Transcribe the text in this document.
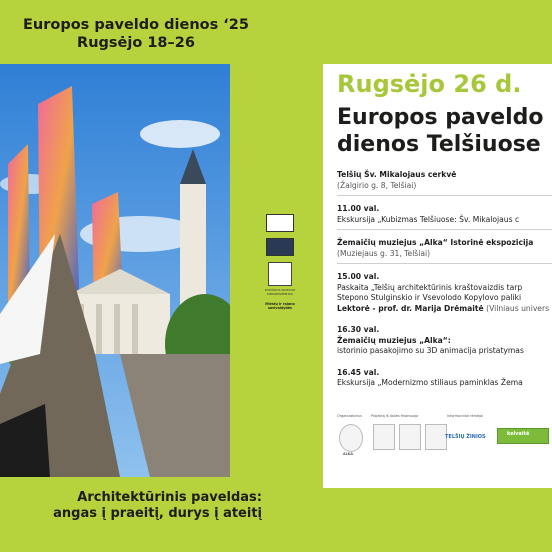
Europos paveldo dienos ‘25
Rugsėjo 18–26
Architektūrinis paveldas:
angas į praeitį, durys į ateitį
KULTŪROS PAVELDO DEPARTAMENTAS
Miestų ir rajono savivaldybės
Rugsėjo 26 d.
Europos paveldo
dienos Telšiuose
Telšių Šv. Mikalojaus cerkvė
(Žalgirio g. 8, Telšiai)
11.00 val.
Ekskursija „Kubizmas Telšiuose: Šv. Mikalojaus c
Žemaičių muziejus „Alka“ Istorinė ekspozicija
(Muziejaus g. 31, Telšiai)
15.00 val.
Paskaita „Telšių architektūrinis kraštovaizdis tarp
Stepono Stulginskio ir Vsevolodo Kopylovo paliki
Lektorė - prof. dr. Marija Drėmaitė (Vilniaus univers
16.30 val.
Žemaičių muziejus „Alka“:
istorinio pasakojimo su 3D animacija pristatymas
16.45 val.
Ekskursija „Modernizmo stiliaus paminklas Žema
Organizatorius	Projektą iš dalies finansuoja	Informaciniai rėmėjai
ALKA
TELŠIŲ ŽINIOS	kelvaitė
